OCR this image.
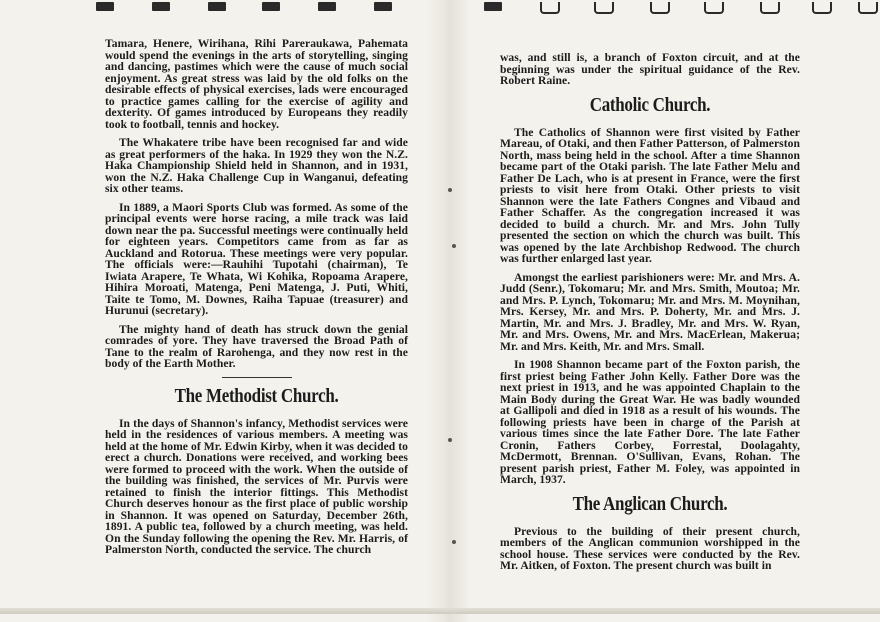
Tamara, Henere, Wirihana, Rihi Pareraukawa, Pahemata would spend the evenings in the arts of storytelling, singing and dancing, pastimes which were the cause of much social enjoyment. As great stress was laid by the old folks on the desirable effects of physical exercises, lads were encouraged to practice games calling for the exercise of agility and dexterity. Of games introduced by Europeans they readily took to football, tennis and hockey.

The Whakatere tribe have been recognised far and wide as great performers of the haka. In 1929 they won the N.Z. Haka Championship Shield held in Shannon, and in 1931, won the N.Z. Haka Challenge Cup in Wanganui, defeating six other teams.

In 1889, a Maori Sports Club was formed. As some of the principal events were horse racing, a mile track was laid down near the pa. Successful meetings were continually held for eighteen years. Competitors came from as far as Auckland and Rotorua. These meetings were very popular. The officials were:—Rauhihi Tupotahi (chairman), Te Iwiata Arapere, Te Whata, Wi Kohika, Ropoama Arapere, Hihira Moroati, Matenga, Peni Matenga, J. Puti, Whiti, Taite te Tomo, M. Downes, Raiha Tapuae (treasurer) and Hurunui (secretary).

The mighty hand of death has struck down the genial comrades of yore. They have traversed the Broad Path of Tane to the realm of Rarohenga, and they now rest in the body of the Earth Mother.

The Methodist Church.

In the days of Shannon's infancy, Methodist services were held in the residences of various members. A meeting was held at the home of Mr. Edwin Kirby, when it was decided to erect a church. Donations were received, and working bees were formed to proceed with the work. When the outside of the building was finished, the services of Mr. Purvis were retained to finish the interior fittings. This Methodist Church deserves honour as the first place of public worship in Shannon. It was opened on Saturday, December 26th, 1891. A public tea, followed by a church meeting, was held. On the Sunday following the opening the Rev. Mr. Harris, of Palmerston North, conducted the service. The church

was, and still is, a branch of Foxton circuit, and at the beginning was under the spiritual guidance of the Rev. Robert Raine.

Catholic Church.

The Catholics of Shannon were first visited by Father Mareau, of Otaki, and then Father Patterson, of Palmerston North, mass being held in the school. After a time Shannon became part of the Otaki parish. The late Father Melu and Father De Lach, who is at present in France, were the first priests to visit here from Otaki. Other priests to visit Shannon were the late Fathers Congnes and Vibaud and Father Schaffer. As the congregation increased it was decided to build a church. Mr. and Mrs. John Tully presented the section on which the church was built. This was opened by the late Archbishop Redwood. The church was further enlarged last year.

Amongst the earliest parishioners were: Mr. and Mrs. A. Judd (Senr.), Tokomaru; Mr. and Mrs. Smith, Moutoa; Mr. and Mrs. P. Lynch, Tokomaru; Mr. and Mrs. M. Moynihan, Mrs. Kersey, Mr. and Mrs. P. Doherty, Mr. and Mrs. J. Martin, Mr. and Mrs. J. Bradley, Mr. and Mrs. W. Ryan, Mr. and Mrs. Owens, Mr. and Mrs. MacErlean, Makerua; Mr. and Mrs. Keith, Mr. and Mrs. Small.

In 1908 Shannon became part of the Foxton parish, the first priest being Father John Kelly. Father Dore was the next priest in 1913, and he was appointed Chaplain to the Main Body during the Great War. He was badly wounded at Gallipoli and died in 1918 as a result of his wounds. The following priests have been in charge of the Parish at various times since the late Father Dore. The late Father Cronin, Fathers Corbey, Forrestal, Doolagahty, McDermott, Brennan. O'Sullivan, Evans, Rohan. The present parish priest, Father M. Foley, was appointed in March, 1937.

The Anglican Church.

Previous to the building of their present church, members of the Anglican communion worshipped in the school house. These services were conducted by the Rev. Mr. Aitken, of Foxton. The present church was built in
